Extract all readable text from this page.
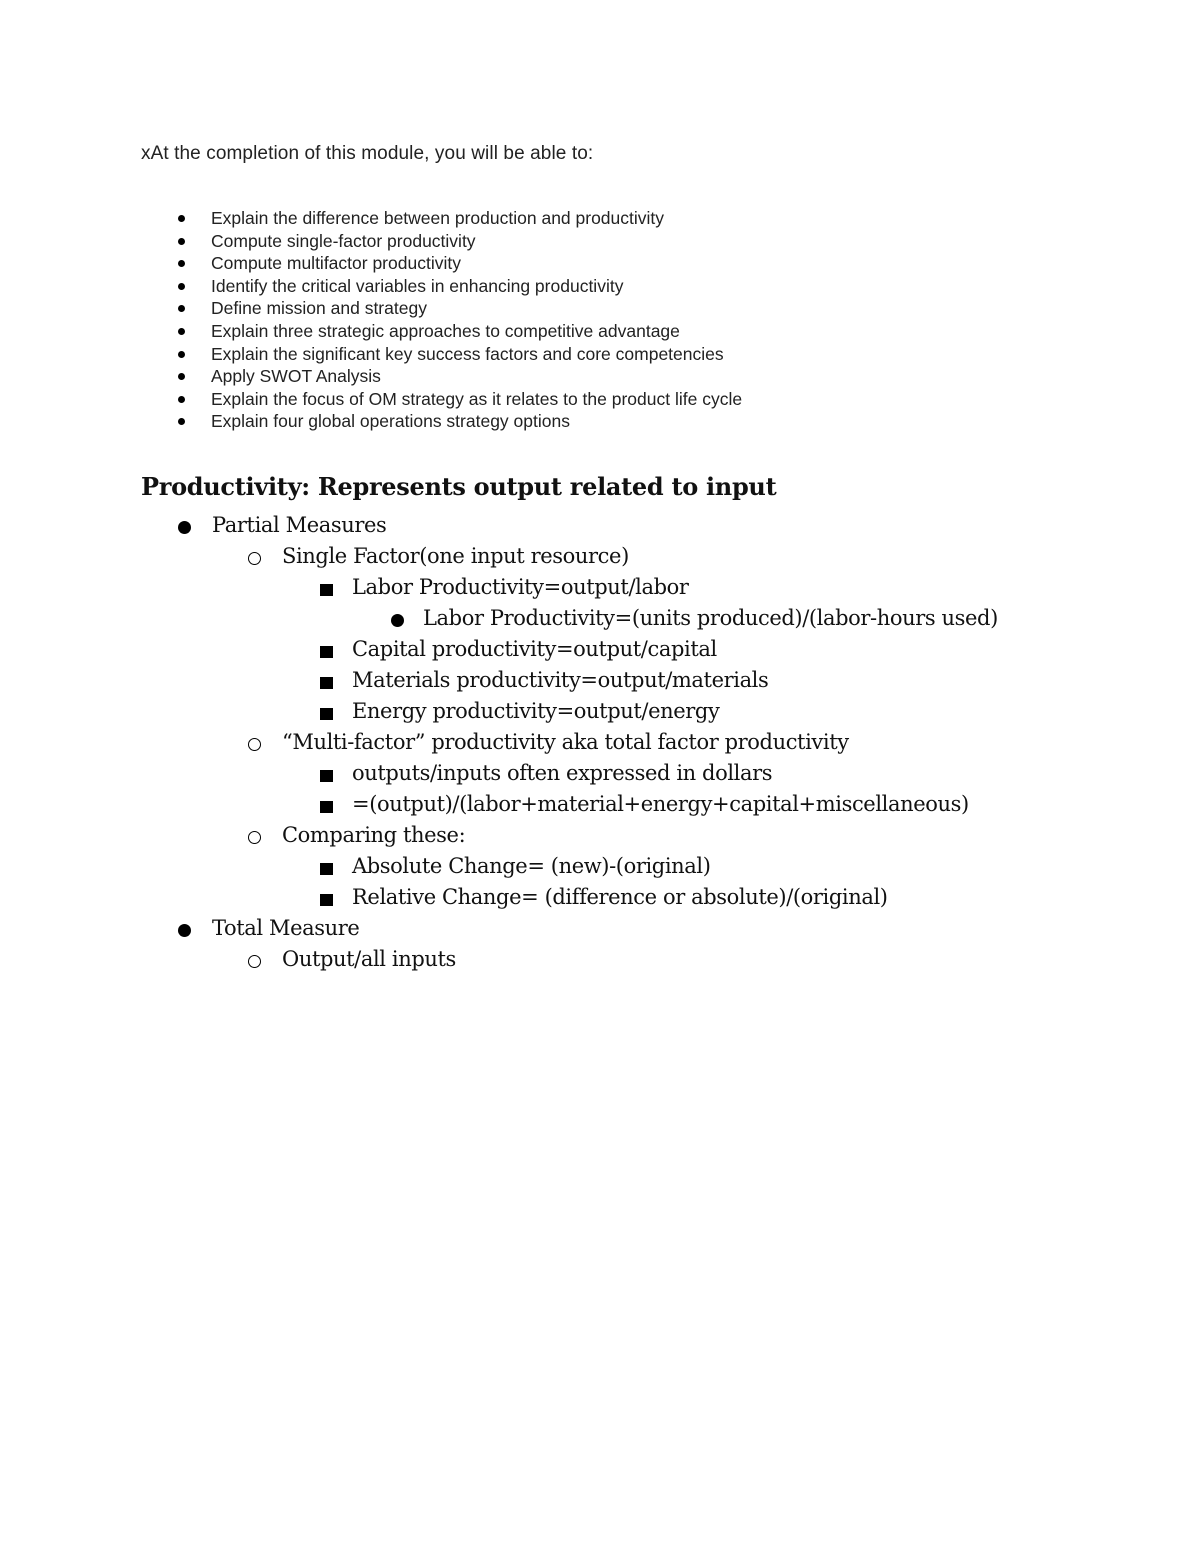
xAt the completion of this module, you will be able to:
Explain the difference between production and productivity
Compute single-factor productivity
Compute multifactor productivity
Identify the critical variables in enhancing productivity
Define mission and strategy
Explain three strategic approaches to competitive advantage
Explain the significant key success factors and core competencies
Apply SWOT Analysis
Explain the focus of OM strategy as it relates to the product life cycle
Explain four global operations strategy options
Productivity: Represents output related to input
Partial Measures
Single Factor(one input resource)
Labor Productivity=output/labor
Labor Productivity=(units produced)/(labor-hours used)
Capital productivity=output/capital
Materials productivity=output/materials
Energy productivity=output/energy
“Multi-factor” productivity aka total factor productivity
outputs/inputs often expressed in dollars
=(output)/(labor+material+energy+capital+miscellaneous)
Comparing these:
Absolute Change= (new)-(original)
Relative Change= (difference or absolute)/(original)
Total Measure
Output/all inputs
